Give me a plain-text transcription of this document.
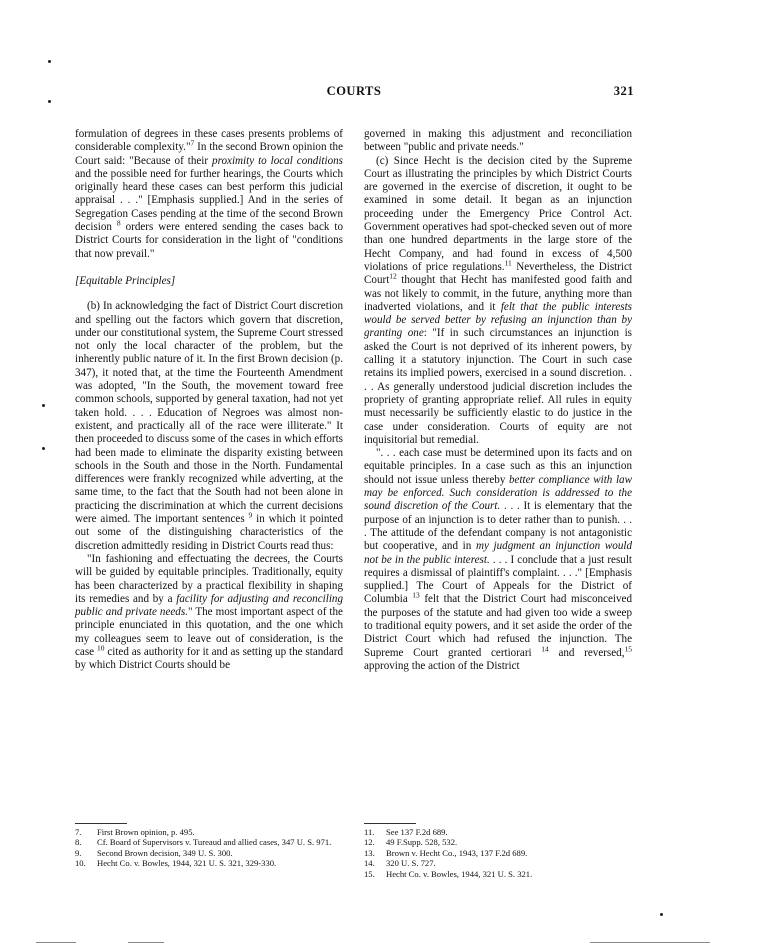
COURTS	321

formulation of degrees in these cases presents problems of considerable complexity."$^7$ In the second Brown opinion the Court said: "Because of their proximity to local conditions and the possible need for further hearings, the Courts which originally heard these cases can best perform this judicial appraisal . . ." [Emphasis supplied.] And in the series of Segregation Cases pending at the time of the second Brown decision $^8$ orders were entered sending the cases back to District Courts for consideration in the light of "conditions that now prevail."

[Equitable Principles]

(b) In acknowledging the fact of District Court discretion and spelling out the factors which govern that discretion, under our constitutional system, the Supreme Court stressed not only the local character of the problem, but the inherently public nature of it. In the first Brown decision (p. 347), it noted that, at the time the Fourteenth Amendment was adopted, "In the South, the movement toward free common schools, supported by general taxation, had not yet taken hold. . . . Education of Negroes was almost non-existent, and practically all of the race were illiterate." It then proceeded to discuss some of the cases in which efforts had been made to eliminate the disparity existing between schools in the South and those in the North. Fundamental differences were frankly recognized while adverting, at the same time, to the fact that the South had not been alone in practicing the discrimination at which the current decisions were aimed. The important sentences $^9$ in which it pointed out some of the distinguishing characteristics of the discretion admittedly residing in District Courts read thus:

"In fashioning and effectuating the decrees, the Courts will be guided by equitable principles. Traditionally, equity has been characterized by a practical flexibility in shaping its remedies and by a facility for adjusting and reconciling public and private needs." The most important aspect of the principle enunciated in this quotation, and the one which my colleagues seem to leave out of consideration, is the case $^{10}$ cited as authority for it and as setting up the standard by which District Courts should be

governed in making this adjustment and reconciliation between "public and private needs."

(c) Since Hecht is the decision cited by the Supreme Court as illustrating the principles by which District Courts are governed in the exercise of discretion, it ought to be examined in some detail. It began as an injunction proceeding under the Emergency Price Control Act. Government operatives had spot-checked seven out of more than one hundred departments in the large store of the Hecht Company, and had found in excess of 4,500 violations of price regulations.$^{11}$ Nevertheless, the District Court$^{12}$ thought that Hecht has manifested good faith and was not likely to commit, in the future, anything more than inadverted violations, and it felt that the public interests would be served better by refusing an injunction than by granting one: "If in such circumstances an injunction is asked the Court is not deprived of its inherent powers, by calling it a statutory injunction. The Court in such case retains its implied powers, exercised in a sound discretion. . . . As generally understood judicial discretion includes the propriety of granting appropriate relief. All rules in equity must necessarily be sufficiently elastic to do justice in the case under consideration. Courts of equity are not inquisitorial but remedial.

". . . each case must be determined upon its facts and on equitable principles. In a case such as this an injunction should not issue unless thereby better compliance with law may be enforced. Such consideration is addressed to the sound discretion of the Court. . . . It is elementary that the purpose of an injunction is to deter rather than to punish. . . . The attitude of the defendant company is not antagonistic but cooperative, and in my judgment an injunction would not be in the public interest. . . . I conclude that a just result requires a dismissal of plaintiff's complaint. . . ." [Emphasis supplied.] The Court of Appeals for the District of Columbia $^{13}$ felt that the District Court had misconceived the purposes of the statute and had given too wide a sweep to traditional equity powers, and it set aside the order of the District Court which had refused the injunction. The Supreme Court granted certiorari $^{14}$ and reversed,$^{15}$ approving the action of the District

7. First Brown opinion, p. 495.
8. Cf. Board of Supervisors v. Tureaud and allied cases, 347 U. S. 971.
9. Second Brown decision, 349 U. S. 300.
10. Hecht Co. v. Bowles, 1944, 321 U. S. 321, 329-330.
11. See 137 F.2d 689.
12. 49 F.Supp. 528, 532.
13. Brown v. Hecht Co., 1943, 137 F.2d 689.
14. 320 U. S. 727.
15. Hecht Co. v. Bowles, 1944, 321 U. S. 321.
